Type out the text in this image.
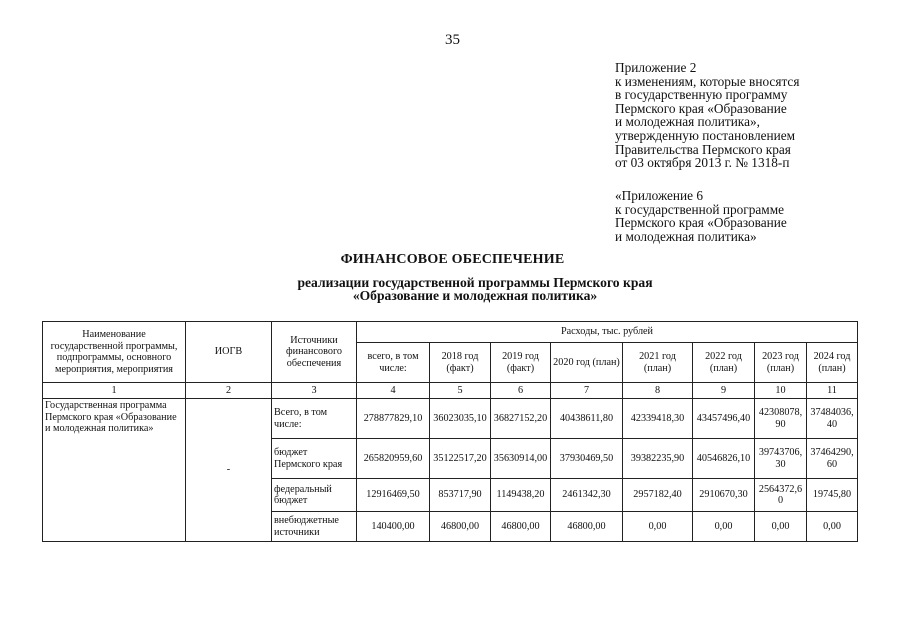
35
Приложение 2
к изменениям, которые вносятся
в государственную программу
Пермского края «Образование
и молодежная политика»,
утвержденную постановлением
Правительства Пермского края
от 03 октября 2013 г. № 1318-п
«Приложение 6
к государственной программе
Пермского края «Образование
и молодежная политика»
ФИНАНСОВОЕ ОБЕСПЕЧЕНИЕ
реализации государственной программы Пермского края
«Образование и молодежная политика»
Наименование государственной программы, подпрограммы, основного мероприятия, мероприятия	ИОГВ	Источники финансового обеспечения	Расходы, тыс. рублей							
			всего, в том числе:	2018 год (факт)	2019 год (факт)	2020 год (план)	2021 год (план)	2022 год (план)	2023 год (план)	2024 год (план)
1	2	3	4	5	6	7	8	9	10	11
Государственная программа Пермского края «Образование и молодежная политика»	-	Всего, в том числе:	278877829,10	36023035,10	36827152,20	40438611,80	42339418,30	43457496,40	42308078,90	37484036,40
		бюджет Пермского края	265820959,60	35122517,20	35630914,00	37930469,50	39382235,90	40546826,10	39743706,30	37464290,60
		федеральный бюджет	12916469,50	853717,90	1149438,20	2461342,30	2957182,40	2910670,30	2564372,60	19745,80
		внебюджетные источники	140400,00	46800,00	46800,00	46800,00	0,00	0,00	0,00	0,00
